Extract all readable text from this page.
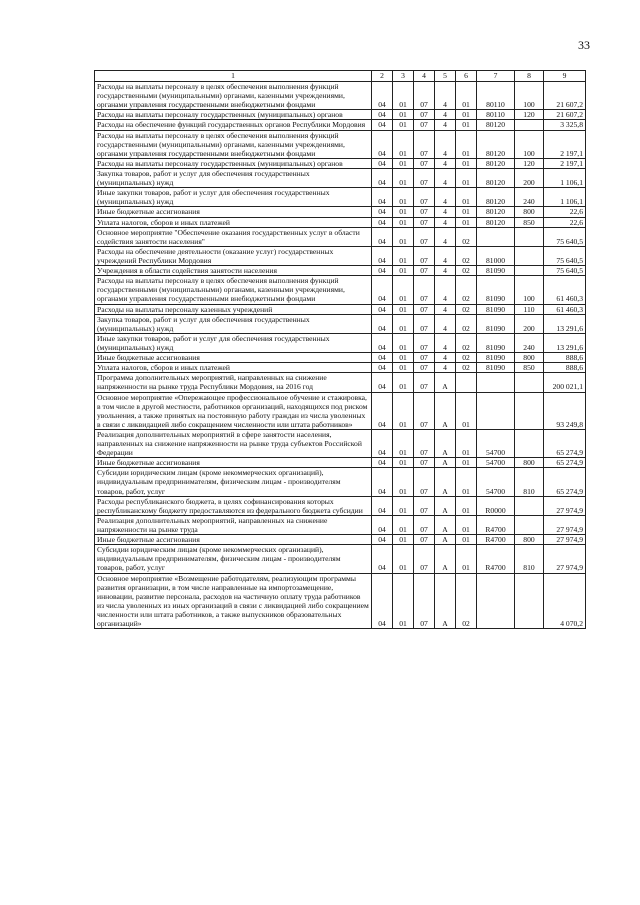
33
1	2	3	4	5	6	7	8	9
Расходы на выплаты персоналу в целях обеспечения выполнения функций государственными (муниципальными) органами, казенными учреждениями, органами управления государственными внебюджетными фондами	04	01	07	4	01	80110	100	21 607,2
Расходы на выплаты персоналу государственных (муниципальных) органов	04	01	07	4	01	80110	120	21 607,2
Расходы на обеспечение функций государственных органов Республики Мордовия	04	01	07	4	01	80120		3 325,8
Расходы на выплаты персоналу в целях обеспечения выполнения функций государственными (муниципальными) органами, казенными учреждениями, органами управления государственными внебюджетными фондами	04	01	07	4	01	80120	100	2 197,1
Расходы на выплаты персоналу государственных (муниципальных) органов	04	01	07	4	01	80120	120	2 197,1
Закупка товаров, работ и услуг для обеспечения государственных (муниципальных) нужд	04	01	07	4	01	80120	200	1 106,1
Иные закупки товаров, работ и услуг для обеспечения государственных (муниципальных) нужд	04	01	07	4	01	80120	240	1 106,1
Иные бюджетные ассигнования	04	01	07	4	01	80120	800	22,6
Уплата налогов, сборов и иных платежей	04	01	07	4	01	80120	850	22,6
Основное мероприятие "Обеспечение оказания государственных услуг в области содействия занятости населения"	04	01	07	4	02			75 640,5
Расходы на обеспечение деятельности (оказание услуг) государственных учреждений Республики Мордовия	04	01	07	4	02	81000		75 640,5
Учреждения в области содействия занятости населения	04	01	07	4	02	81090		75 640,5
Расходы на выплаты персоналу в целях обеспечения выполнения функций государственными (муниципальными) органами, казенными учреждениями, органами управления государственными внебюджетными фондами	04	01	07	4	02	81090	100	61 460,3
Расходы на выплаты персоналу казенных учреждений	04	01	07	4	02	81090	110	61 460,3
Закупка товаров, работ и услуг для обеспечения государственных (муниципальных) нужд	04	01	07	4	02	81090	200	13 291,6
Иные закупки товаров, работ и услуг для обеспечения государственных (муниципальных) нужд	04	01	07	4	02	81090	240	13 291,6
Иные бюджетные ассигнования	04	01	07	4	02	81090	800	888,6
Уплата налогов, сборов и иных платежей	04	01	07	4	02	81090	850	888,6
Программа дополнительных мероприятий, направленных на снижение напряженности на рынке труда Республики Мордовия, на 2016 год	04	01	07	А				200 021,1
Основное мероприятие «Опережающее профессиональное обучение и стажировка, в том числе в другой местности, работников организаций, находящихся под риском увольнения, а также принятых на постоянную работу граждан из числа уволенных в связи с ликвидацией либо сокращением численности или штата работников»	04	01	07	А	01			93 249,8
Реализация дополнительных мероприятий в сфере занятости населения, направленных на снижение напряженности на рынке труда субъектов Российской Федерации	04	01	07	А	01	54700		65 274,9
Иные бюджетные ассигнования	04	01	07	А	01	54700	800	65 274,9
Субсидии юридическим лицам (кроме некоммерческих организаций), индивидуальным предпринимателям, физическим лицам - производителям товаров, работ, услуг	04	01	07	А	01	54700	810	65 274,9
Расходы республиканского бюджета, в целях софинансирования которых республиканскому бюджету предоставляются из федерального бюджета субсидии	04	01	07	А	01	R0000		27 974,9
Реализация дополнительных мероприятий, направленных на снижение напряженности на рынке труда	04	01	07	А	01	R4700		27 974,9
Иные бюджетные ассигнования	04	01	07	А	01	R4700	800	27 974,9
Субсидии юридическим лицам (кроме некоммерческих организаций), индивидуальным предпринимателям, физическим лицам - производителям товаров, работ, услуг	04	01	07	А	01	R4700	810	27 974,9
Основное мероприятие «Возмещение работодателям, реализующим программы развития организации, в том числе направленные на импортозамещение, инновации, развитие персонала, расходов на частичную оплату труда работников из числа уволенных из иных организаций в связи с ликвидацией либо сокращением численности или штата работников, а также выпускников образовательных организаций»	04	01	07	А	02			4 070,2
